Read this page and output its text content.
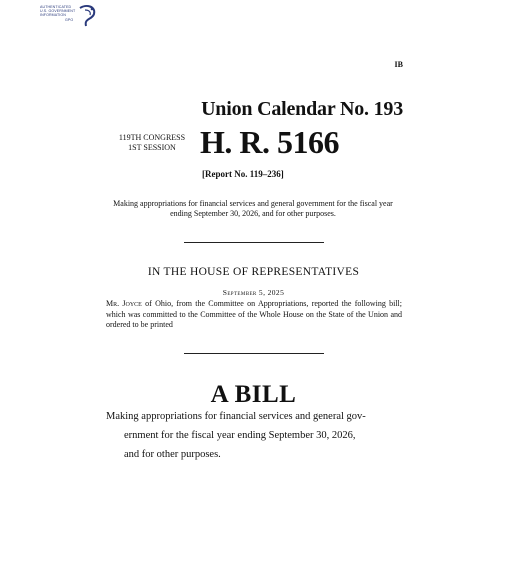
AUTHENTICATED
U.S. GOVERNMENT
INFORMATION
GPO
IB
Union Calendar No. 193
119TH CONGRESS
1ST SESSION H. R. 5166
[Report No. 119–236]
Making appropriations for financial services and general government for the fiscal year ending September 30, 2026, and for other purposes.
IN THE HOUSE OF REPRESENTATIVES
September 5, 2025
Mr. Joyce of Ohio, from the Committee on Appropriations, reported the following bill; which was committed to the Committee of the Whole House on the State of the Union and ordered to be printed
A BILL
Making appropriations for financial services and general gov-
ernment for the fiscal year ending September 30, 2026,
and for other purposes.
